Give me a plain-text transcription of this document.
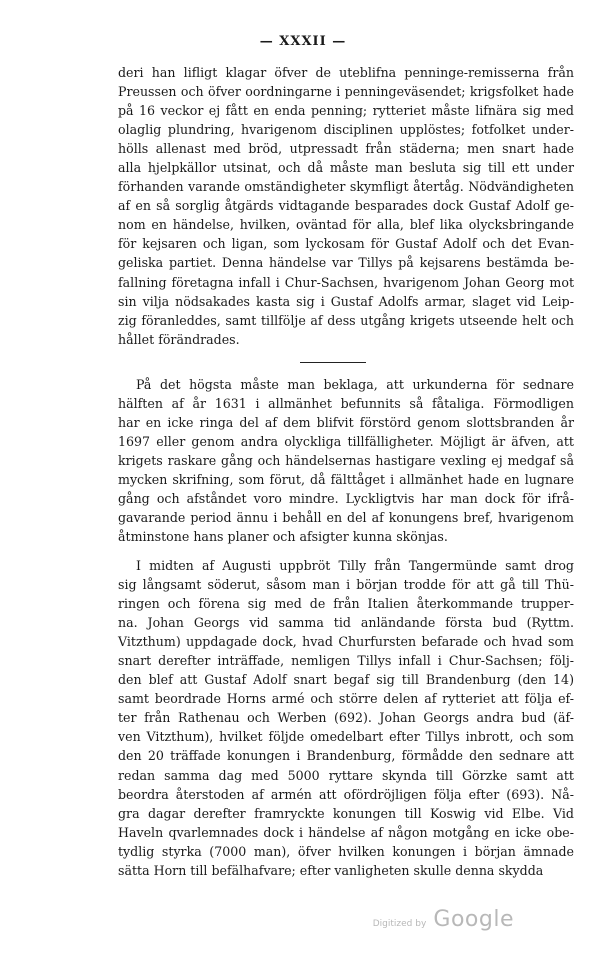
— XXXII —
deri han lifligt klagar öfver de uteblifna penninge-remisserna från
Preussen och öfver oordningarne i penningeväsendet; krigsfolket hade
på 16 veckor ej fått en enda penning; rytteriet måste lifnära sig med
olaglig plundring, hvarigenom disciplinen upplöstes; fotfolket under-
hölls allenast med bröd, utpressadt från städerna; men snart hade
alla hjelpkällor utsinat, och då måste man besluta sig till ett under
förhanden varande omständigheter skymfligt återtåg. Nödvändigheten
af en så sorglig åtgärds vidtagande besparades dock Gustaf Adolf ge-
nom en händelse, hvilken, oväntad för alla, blef lika olycksbringande
för kejsaren och ligan, som lyckosam för Gustaf Adolf och det Evan-
geliska partiet. Denna händelse var Tillys på kejsarens bestämda be-
fallning företagna infall i Chur-Sachsen, hvarigenom Johan Georg mot
sin vilja nödsakades kasta sig i Gustaf Adolfs armar, slaget vid Leip-
zig föranleddes, samt tillfölje af dess utgång krigets utseende helt och
hållet förändrades.
På det högsta måste man beklaga, att urkunderna för sednare
hälften af år 1631 i allmänhet befunnits så fåtaliga. Förmodligen
har en icke ringa del af dem blifvit förstörd genom slottsbranden år
1697 eller genom andra olyckliga tillfälligheter. Möjligt är äfven, att
krigets raskare gång och händelsernas hastigare vexling ej medgaf så
mycken skrifning, som förut, då fälttåget i allmänhet hade en lugnare
gång och afståndet voro mindre. Lyckligtvis har man dock för ifrå-
gavarande period ännu i behåll en del af konungens bref, hvarigenom
åtminstone hans planer och afsigter kunna skönjas.
I midten af Augusti uppbröt Tilly från Tangermünde samt drog
sig långsamt söderut, såsom man i början trodde för att gå till Thü-
ringen och förena sig med de från Italien återkommande trupper-
na. Johan Georgs vid samma tid anländande första bud (Ryttm.
Vitzthum) uppdagade dock, hvad Churfursten befarade och hvad som
snart derefter inträffade, nemligen Tillys infall i Chur-Sachsen; följ-
den blef att Gustaf Adolf snart begaf sig till Brandenburg (den 14)
samt beordrade Horns armé och större delen af rytteriet att följa ef-
ter från Rathenau och Werben (692). Johan Georgs andra bud (äf-
ven Vitzthum), hvilket följde omedelbart efter Tillys inbrott, och som
den 20 träffade konungen i Brandenburg, förmådde den sednare att
redan samma dag med 5000 ryttare skynda till Görzke samt att
beordra återstoden af armén att ofördröjligen följa efter (693). Nå-
gra dagar derefter framryckte konungen till Koswig vid Elbe. Vid
Haveln qvarlemnades dock i händelse af någon motgång en icke obe-
tydlig styrka (7000 man), öfver hvilken konungen i början ämnade
sätta Horn till befälhafvare; efter vanligheten skulle denna skydda
Digitized by Google
